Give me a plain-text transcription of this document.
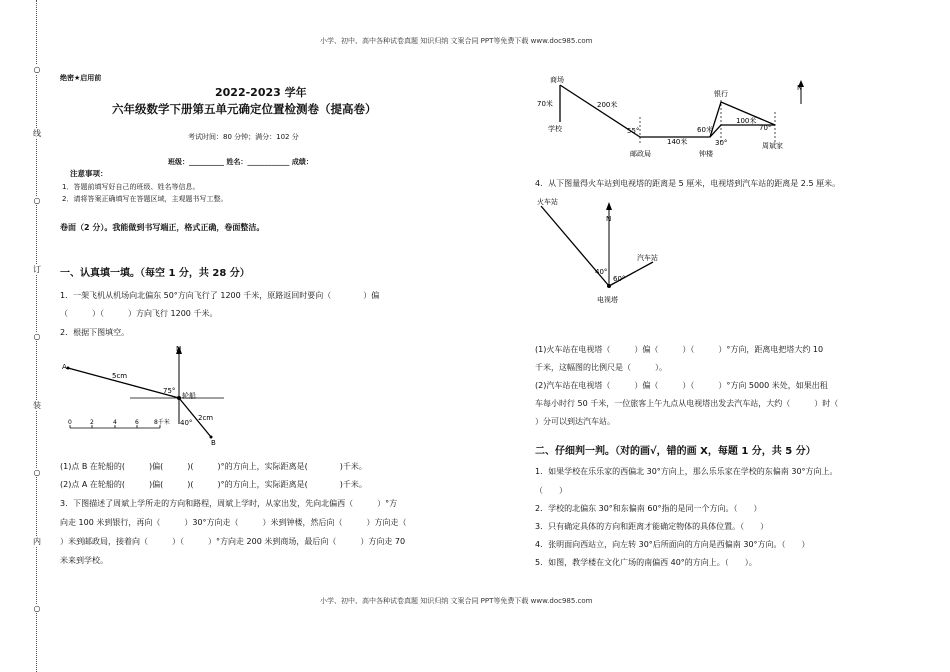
○
线
○
订
○
装
○
内
○
小学、初中、高中各种试卷真题 知识归纳 文案合同 PPT等免费下载 www.doc985.com
小学、初中、高中各种试卷真题 知识归纳 文案合同 PPT等免费下载 www.doc985.com
绝密★启用前
2022-2023 学年
六年级数学下册第五单元确定位置检测卷（提高卷）
考试时间：80 分钟；满分：102 分
班级：__________ 姓名：____________ 成绩：
注意事项：
1．答题前填写好自己的班级、姓名等信息。
2．请将答案正确填写在答题区域，主观题书写工整。
卷面（2 分）。我能做到书写端正，格式正确，卷面整洁。
一、认真填一填。（每空 1 分，共 28 分）
1．一架飞机从机场向北偏东 50°方向飞行了 1200 千米，原路返回时要向（　　　　）偏
（　　　）（　　　）方向飞行 1200 千米。
2．根据下图填空。
N
A
B
轮船
5cm
2cm
75°
40°
0	2	4	6	8千米
(1)点 B 在轮船的(　　　)偏(　　　)(　　　)°的方向上，实际距离是(　　　　)千米。
(2)点 A 在轮船的(　　　)偏(　　　)(　　　)°的方向上，实际距离是(　　　　)千米。
3．下图描述了周斌上学所走的方向和路程，周斌上学时，从家出发，先向北偏西（　　　）°方
向走 100 米到银行，再向（　　　）30°方向走（　　　）米到钟楼，然后向（　　　）方向走（
）米到邮政局，接着向（　　　）（　　　）°方向走 200 米到商场，最后向（　　　）方向走 70
米来到学校。
N
商场
学校
邮政局	钟楼
银行
周斌家
70米	200米
140米
60米
100米
55°
30°
70°
4．从下图量得火车站到电视塔的距离是 5 厘米，电视塔到汽车站的距离是 2.5 厘米。
N
火车站
汽车站
电视塔
40°
60°
(1)火车站在电视塔（　　　）偏（　　　）（　　　）°方向，距离电把塔大约 10
千米，这幅图的比例尺是（　　　）。
(2)汽车站在电视塔（　　　）偏（　　　）（　　　）°方向 5000 米处，如果出租
车每小时行 50 千米，一位旅客上午九点从电视塔出发去汽车站，大约（　　　）时（
）分可以到达汽车站。
二、仔细判一判。（对的画√，错的画 X，每题 1 分，共 5 分）
1．如果学校在乐乐家的西偏北 30°方向上，那么乐乐家在学校的东偏南 30°方向上。
（　　）
2．学校的北偏东 30°和东偏南 60°指的是同一个方向。（　　）
3．只有确定具体的方向和距离才能确定物体的具体位置。（　　）
4．张明面向西站立，向左转 30°后所面向的方向是西偏南 30°方向。（　　）
5．如图，教学楼在文化广场的南偏西 40°的方向上。（　　）。
